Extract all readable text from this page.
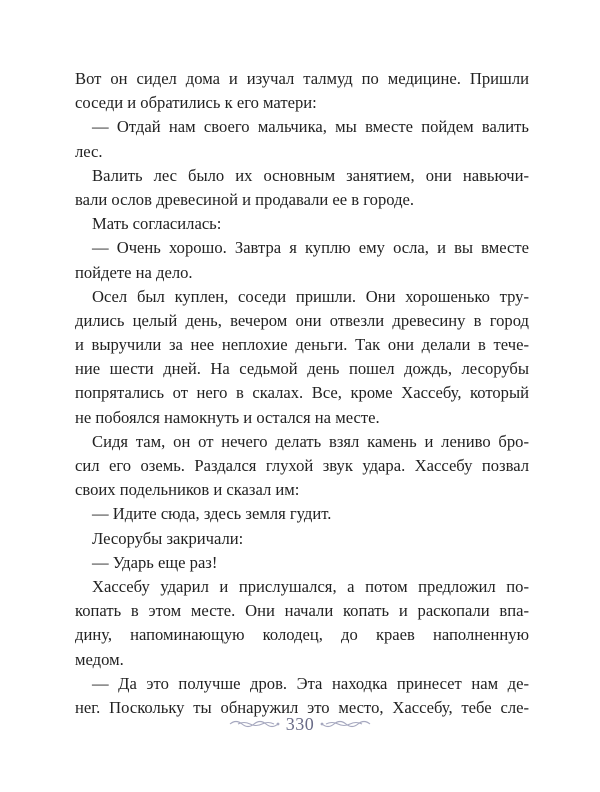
Вот он сидел дома и изучал талмуд по медицине. Пришли
соседи и обратились к его матери:
— Отдай нам своего мальчика, мы вместе пойдем валить
лес.
Валить лес было их основным занятием, они навьючи-
вали ослов древесиной и продавали ее в городе.
Мать согласилась:
— Очень хорошо. Завтра я куплю ему осла, и вы вместе
пойдете на дело.
Осел был куплен, соседи пришли. Они хорошенько тру-
дились целый день, вечером они отвезли древесину в город
и выручили за нее неплохие деньги. Так они делали в тече-
ние шести дней. На седьмой день пошел дождь, лесорубы
попрятались от него в скалах. Все, кроме Хассебу, который
не побоялся намокнуть и остался на месте.
Сидя там, он от нечего делать взял камень и лениво бро-
сил его оземь. Раздался глухой звук удара. Хассебу позвал
своих подельников и сказал им:
— Идите сюда, здесь земля гудит.
Лесорубы закричали:
— Ударь еще раз!
Хассебу ударил и прислушался, а потом предложил по-
копать в этом месте. Они начали копать и раскопали впа-
дину, напоминающую колодец, до краев наполненную
медом.
— Да это получше дров. Эта находка принесет нам де-
нег. Поскольку ты обнаружил это место, Хассебу, тебе сле-
330
